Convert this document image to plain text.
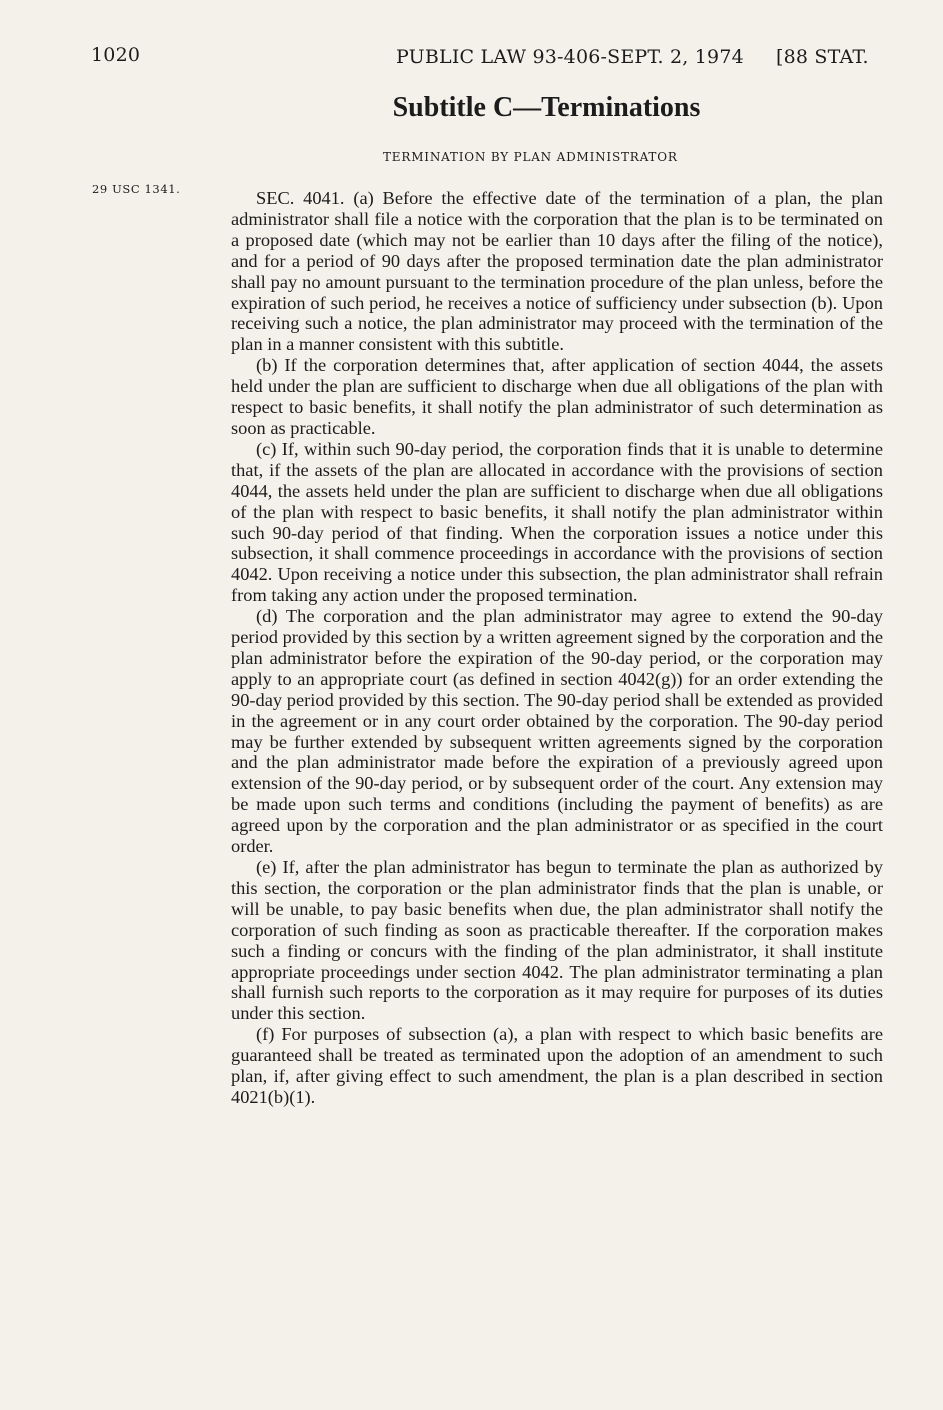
1020	PUBLIC LAW 93-406-SEPT. 2, 1974 [88 STAT.
Subtitle C—Terminations
TERMINATION BY PLAN ADMINISTRATOR
29 USC 1341.	SEC. 4041. (a) Before the effective date of the termination of a plan, the plan administrator shall file a notice with the corporation that the plan is to be terminated on a proposed date (which may not be earlier than 10 days after the filing of the notice), and for a period of 90 days after the proposed termination date the plan administrator shall pay no amount pursuant to the termination procedure of the plan unless, before the expiration of such period, he receives a notice of sufficiency under subsection (b). Upon receiving such a notice, the plan administrator may proceed with the termination of the plan in a manner consistent with this subtitle.

(b) If the corporation determines that, after application of section 4044, the assets held under the plan are sufficient to discharge when due all obligations of the plan with respect to basic benefits, it shall notify the plan administrator of such determination as soon as practicable.

(c) If, within such 90-day period, the corporation finds that it is unable to determine that, if the assets of the plan are allocated in accordance with the provisions of section 4044, the assets held under the plan are sufficient to discharge when due all obligations of the plan with respect to basic benefits, it shall notify the plan administrator within such 90-day period of that finding. When the corporation issues a notice under this subsection, it shall commence proceedings in accordance with the provisions of section 4042. Upon receiving a notice under this subsection, the plan administrator shall refrain from taking any action under the proposed termination.

(d) The corporation and the plan administrator may agree to extend the 90-day period provided by this section by a written agreement signed by the corporation and the plan administrator before the expiration of the 90-day period, or the corporation may apply to an appropriate court (as defined in section 4042(g)) for an order extending the 90-day period provided by this section. The 90-day period shall be extended as provided in the agreement or in any court order obtained by the corporation. The 90-day period may be further extended by subsequent written agreements signed by the corporation and the plan administrator made before the expiration of a previously agreed upon extension of the 90-day period, or by subsequent order of the court. Any extension may be made upon such terms and conditions (including the payment of benefits) as are agreed upon by the corporation and the plan administrator or as specified in the court order.

(e) If, after the plan administrator has begun to terminate the plan as authorized by this section, the corporation or the plan administrator finds that the plan is unable, or will be unable, to pay basic benefits when due, the plan administrator shall notify the corporation of such finding as soon as practicable thereafter. If the corporation makes such a finding or concurs with the finding of the plan administrator, it shall institute appropriate proceedings under section 4042. The plan administrator terminating a plan shall furnish such reports to the corporation as it may require for purposes of its duties under this section.

(f) For purposes of subsection (a), a plan with respect to which basic benefits are guaranteed shall be treated as terminated upon the adoption of an amendment to such plan, if, after giving effect to such amendment, the plan is a plan described in section 4021(b)(1).
